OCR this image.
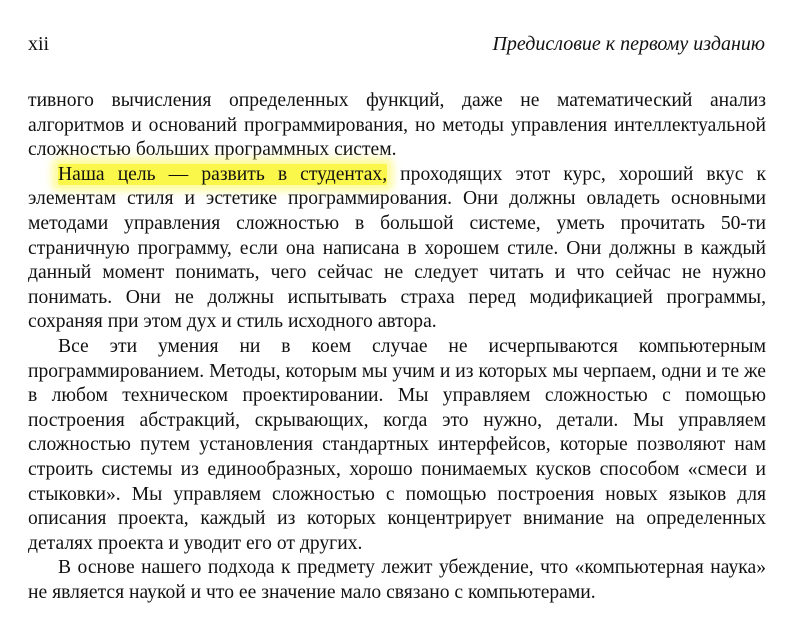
xii	Предисловие к первому изданию

тивного вычисления определенных функций, даже не математический анализ алгоритмов и оснований программирования, но методы управления интеллектуальной сложностью больших программных систем.

Наша цель — развить в студентах, проходящих этот курс, хороший вкус к элементам стиля и эстетике программирования. Они должны овладеть основными методами управления сложностью в большой системе, уметь прочитать 50-ти страничную программу, если она написана в хорошем стиле. Они должны в каждый данный момент понимать, чего сейчас не следует читать и что сейчас не нужно понимать. Они не должны испытывать страха перед модификацией программы, сохраняя при этом дух и стиль исходного автора.

Все эти умения ни в коем случае не исчерпываются компьютерным программированием. Методы, которым мы учим и из которых мы черпаем, одни и те же в любом техническом проектировании. Мы управляем сложностью с помощью построения абстракций, скрывающих, когда это нужно, детали. Мы управляем сложностью путем установления стандартных интерфейсов, которые позволяют нам строить системы из единообразных, хорошо понимаемых кусков способом «смеси и стыковки». Мы управляем сложностью с помощью построения новых языков для описания проекта, каждый из которых концентрирует внимание на определенных деталях проекта и уводит его от других.

В основе нашего подхода к предмету лежит убеждение, что «компьютерная наука» не является наукой и что ее значение мало связано с компьютерами.
